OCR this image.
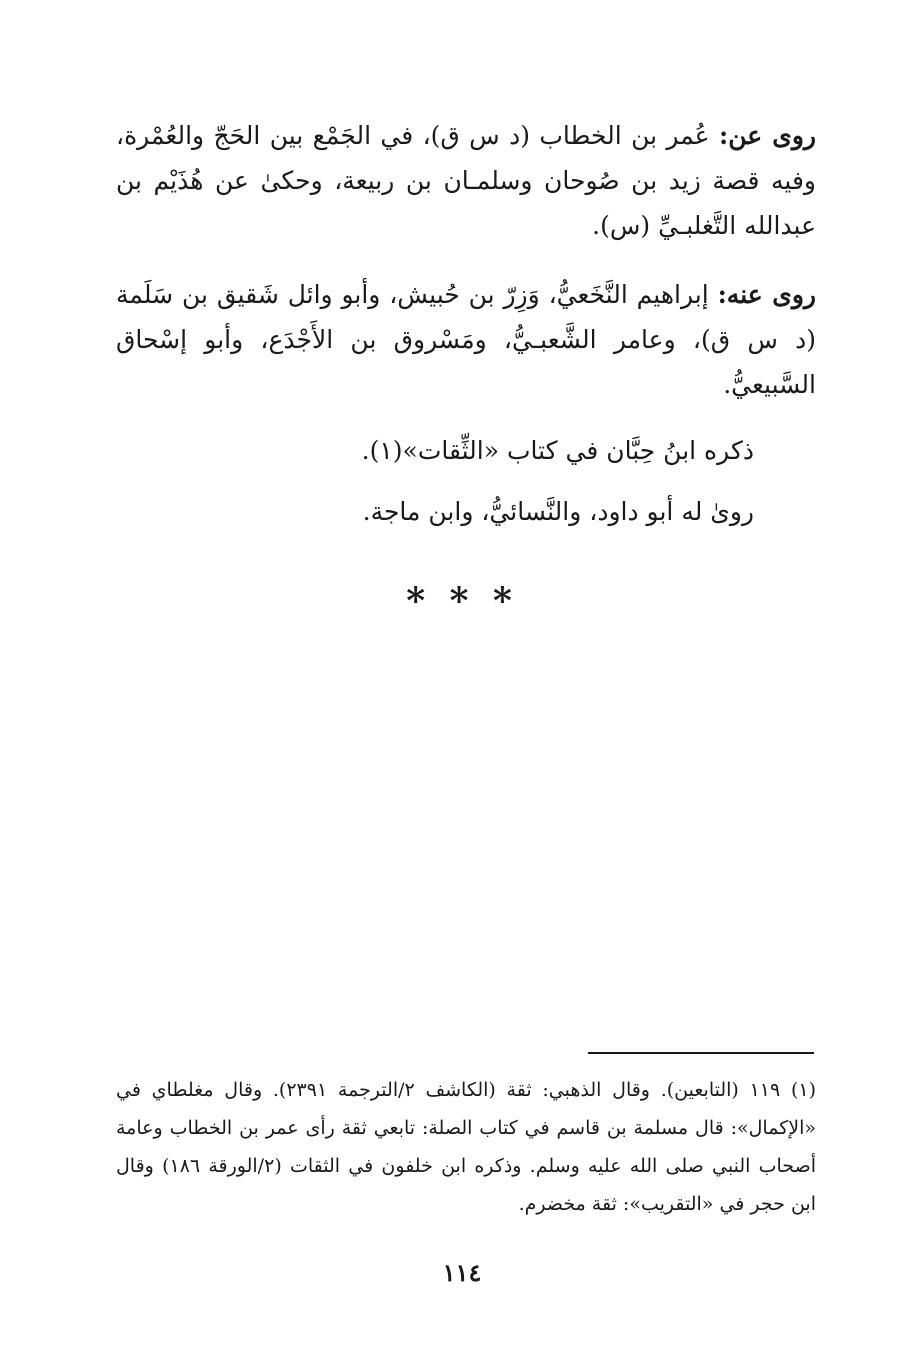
روى عن: عُمر بن الخطاب (د س ق)، في الجَمْع بين الحَجّ والعُمْرة، وفيه قصة زيد بن صُوحان وسلمـان بن ربيعة، وحكىٰ عن هُذَيْم بن عبدالله التَّغلبـيِّ (س).

روى عنه: إبراهيم النَّخَعيُّ، وَزِرّ بن حُبيش، وأبو وائل شَقيق بن سَلَمة (د س ق)، وعامر الشَّعبـيُّ، ومَسْروق بن الأَجْدَع، وأبو إسْحاق السَّبيعيُّ.

ذكره ابنُ حِبَّان في كتاب «الثِّقات»(١).

روىٰ له أبو داود، والنَّسائيُّ، وابن ماجة.

* * *

(١) ١١٩ (التابعين). وقال الذهبي: ثقة (الكاشف ٢/الترجمة ٢٣٩١). وقال مغلطاي في «الإكمال»: قال مسلمة بن قاسم في كتاب الصلة: تابعي ثقة رأى عمر بن الخطاب وعامة أصحاب النبي صلى الله عليه وسلم. وذكره ابن خلفون في الثقات (٢/الورقة ١٨٦) وقال ابن حجر في «التقريب»: ثقة مخضرم.

١١٤
